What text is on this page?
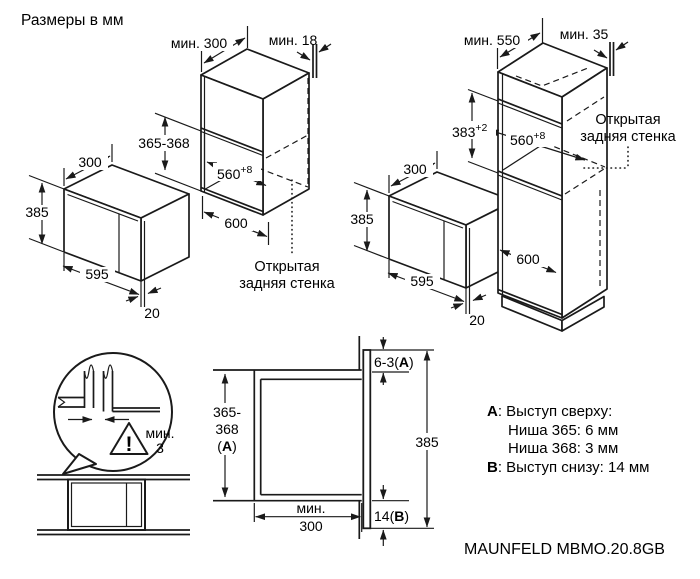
300
385
595
20
$560^{+8}$
365-368
600
мин. 300	мин. 18
Открытая
задняя стенка
300
385
595
20
$560^{+8}$
$383^{+2}$
600
мин. 550	мин. 35
Открытая
задняя стенка
мин.
3
!
365-
368
(A)
6-3(A)
385
14(B)
мин.
300
Размеры в мм
A: Выступ сверху:
Ниша 365: 6 мм
Ниша 368: 3 мм
B: Выступ снизу: 14 мм
MAUNFELD MBMO.20.8GB
